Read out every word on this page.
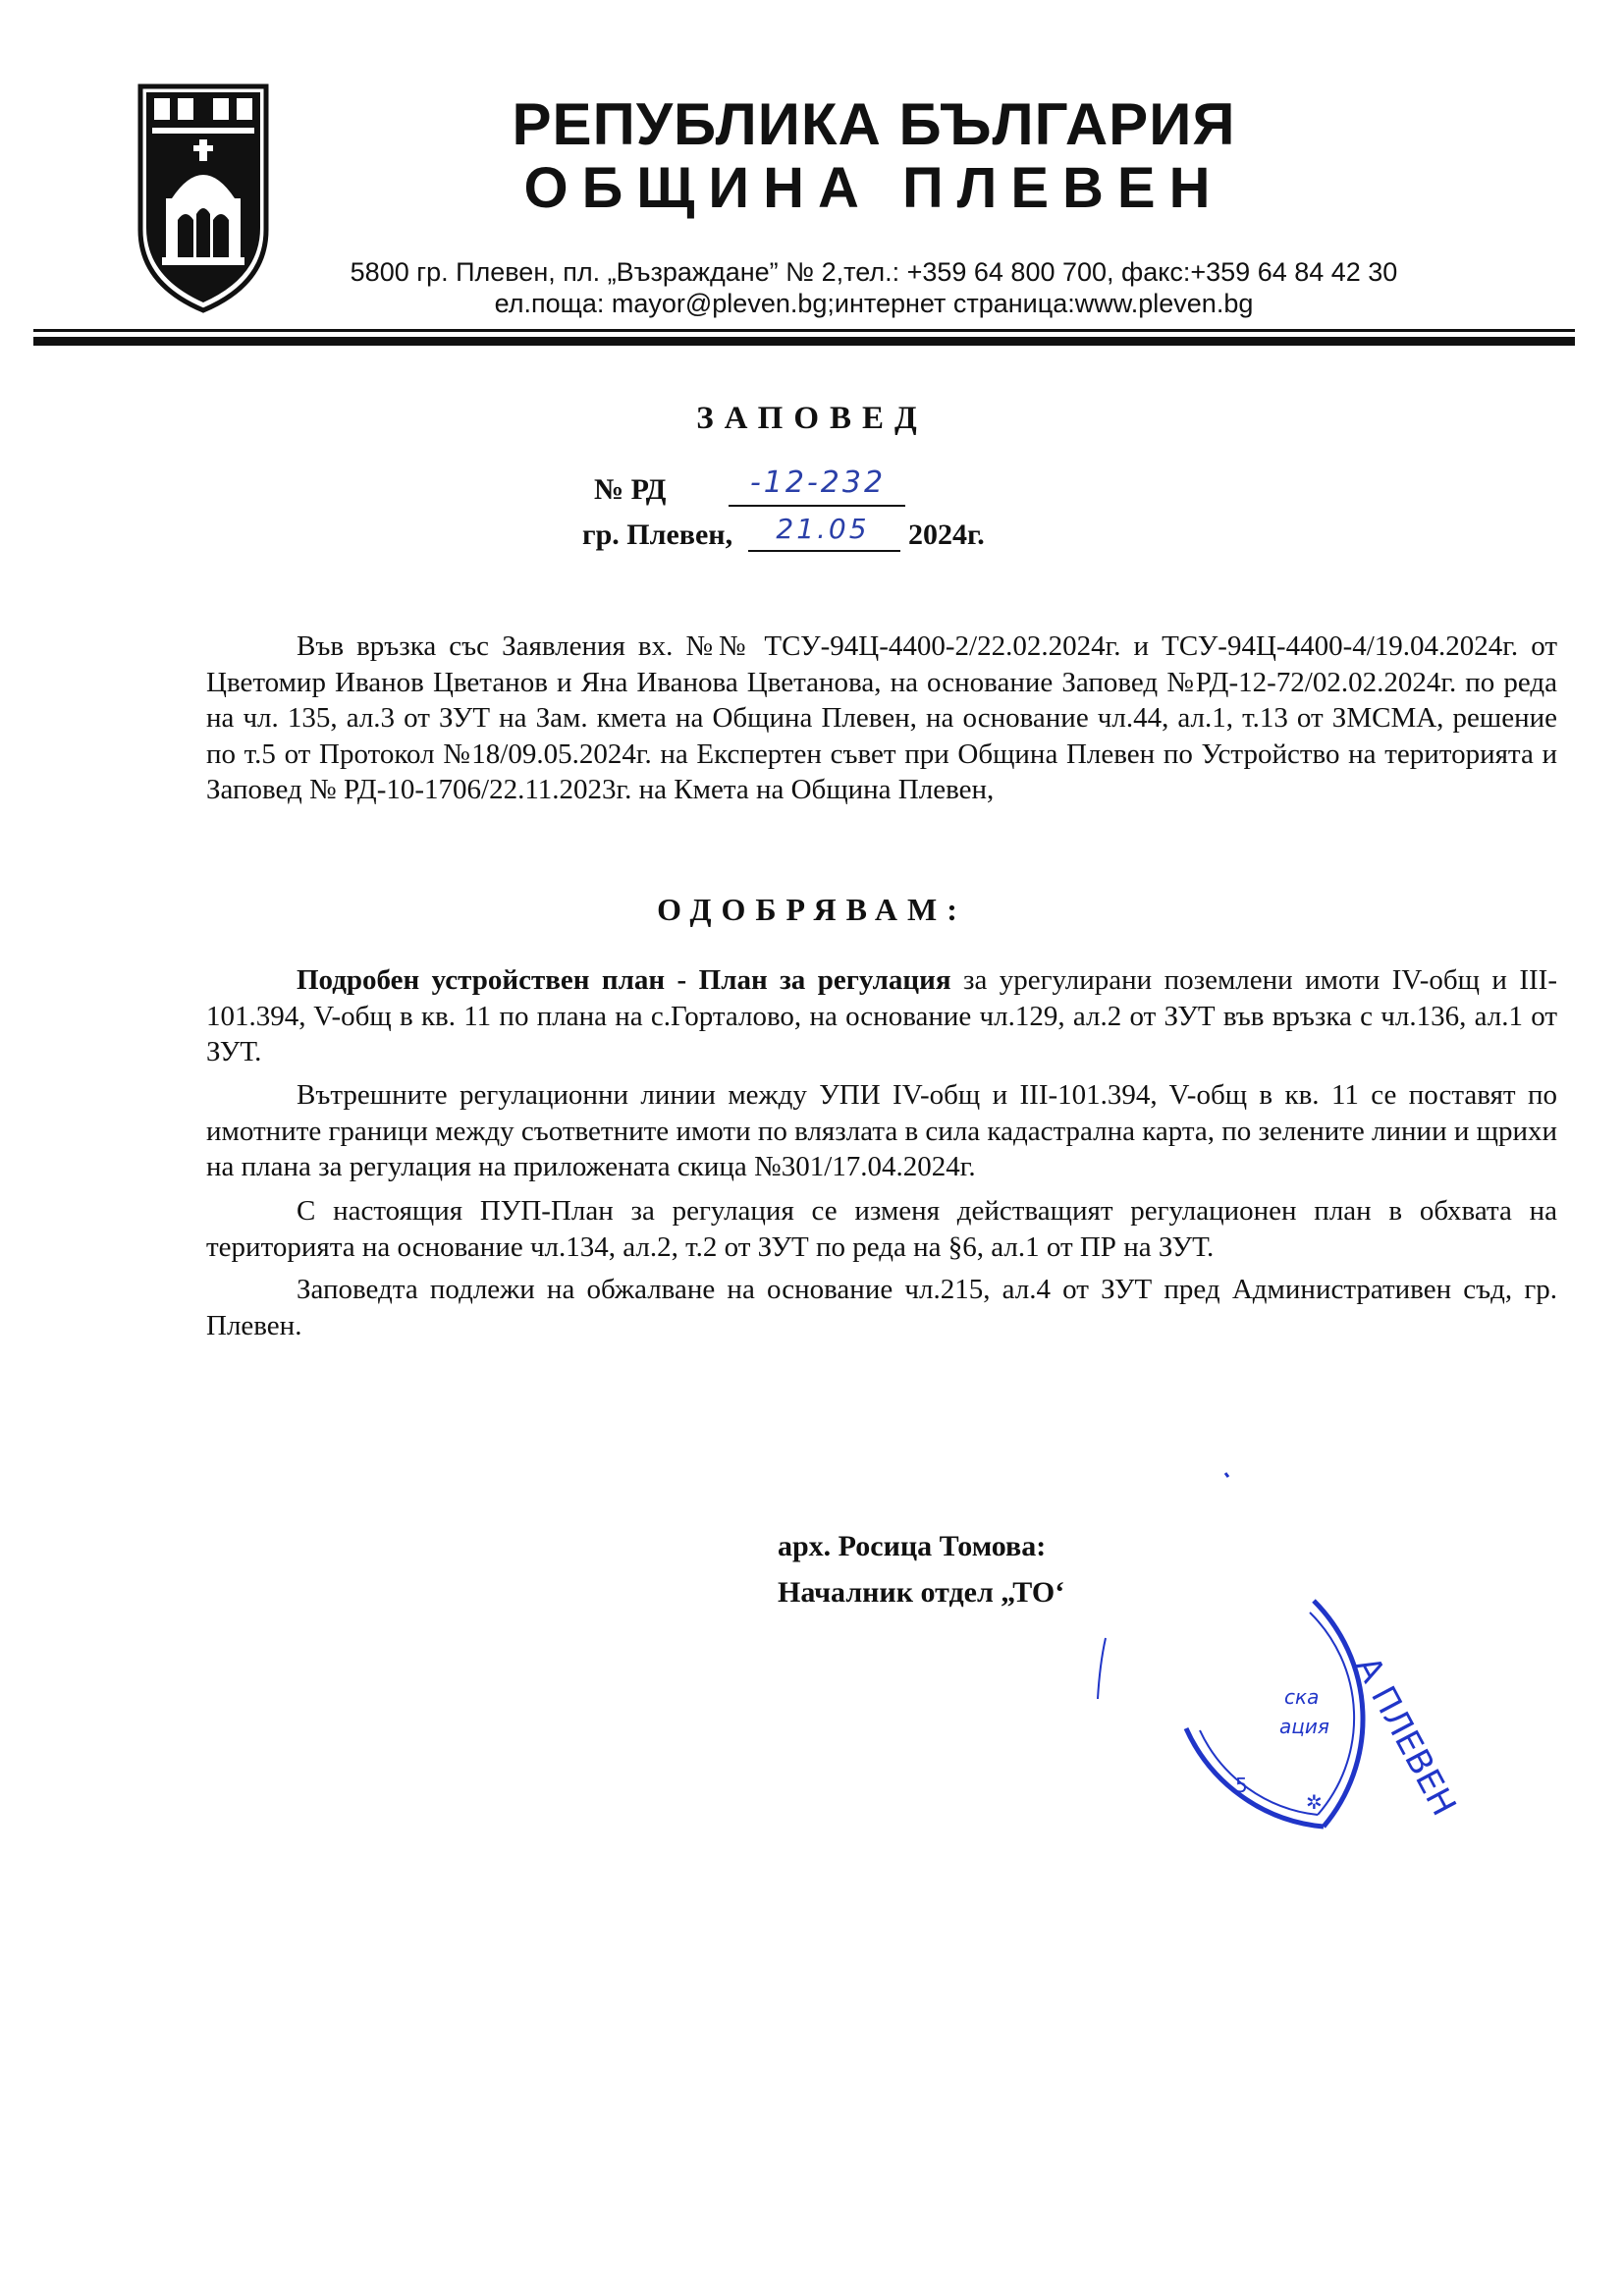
РЕПУБЛИКА БЪЛГАРИЯ
ОБЩИНА ПЛЕВЕН
5800 гр. Плевен, пл. „Възраждане” № 2,тел.: +359 64 800 700, факс:+359 64 84 42 30
ел.поща: mayor@pleven.bg;интернет страница:www.pleven.bg
ЗАПОВЕД
№ РД	-12-232
гр. Плевен,	21.05	2024г.
Във връзка със Заявления вх. №№ ТСУ-94Ц-4400-2/22.02.2024г. и ТСУ-94Ц-4400-4/19.04.2024г. от Цветомир Иванов Цветанов и Яна Иванова Цветанова, на основание Заповед №РД-12-72/02.02.2024г. по реда на чл. 135, ал.3 от ЗУТ на Зам. кмета на Община Плевен, на основание чл.44, ал.1, т.13 от ЗМСМА, решение по т.5 от Протокол №18/09.05.2024г. на Експертен съвет при Община Плевен по Устройство на територията и Заповед № РД-10-1706/22.11.2023г. на Кмета на Община Плевен,
ОДОБРЯВАМ:
Подробен устройствен план - План за регулация за урегулирани поземлени имоти IV-общ и III-101.394, V-общ в кв. 11 по плана на с.Горталово, на основание чл.129, ал.2 от ЗУТ във връзка с чл.136, ал.1 от ЗУТ.
Вътрешните регулационни линии между УПИ IV-общ и III-101.394, V-общ в кв. 11 се поставят по имотните граници между съответните имоти по влязлата в сила кадастрална карта, по зелените линии и щрихи на плана за регулация на приложената скица №301/17.04.2024г.
С настоящия ПУП-План за регулация се изменя действащият регулационен план в обхвата на територията на основание чл.134, ал.2, т.2 от ЗУТ по реда на §6, ал.1 от ПР на ЗУТ.
Заповедта подлежи на обжалване на основание чл.215, ал.4 от ЗУТ пред Административен съд, гр. Плевен.
арх. Росица Томова:
Началник отдел „ТО‘
А ПЛЕВЕН
ска
ация
5
✲
